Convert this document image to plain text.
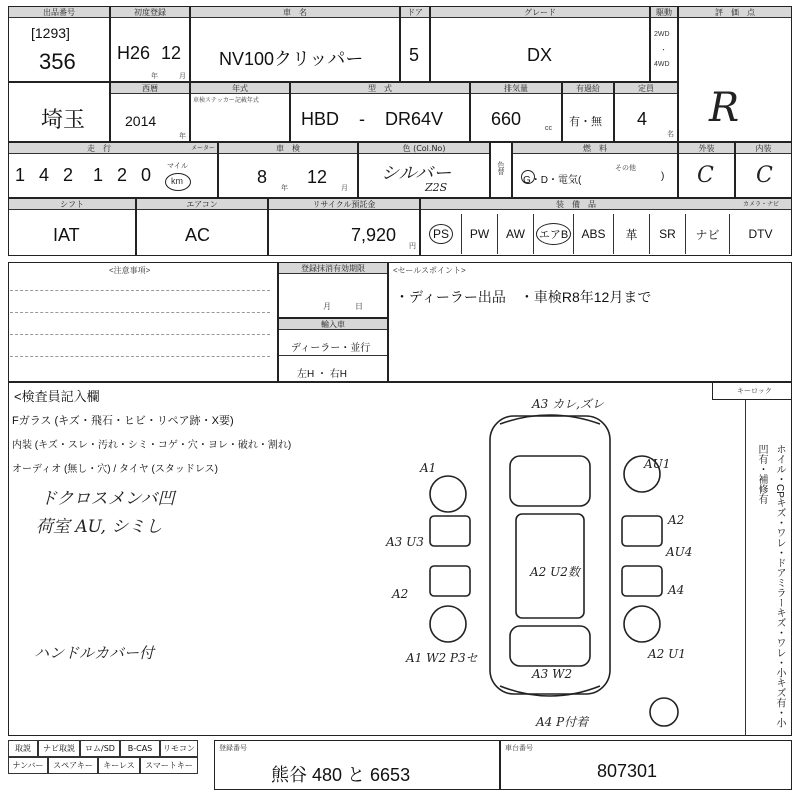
出品番号
[1293]
356
初度登録
H26 12
年	月
車　名
NV100クリッパー
ドア
5
グレード
DX
駆動
2WD
・
4WD
評　価　点
R
埼玉
西暦
2014
年
年式
車検ステッカー記載年式
型　式
HBD - DR64V
排気量
660	cc
有過給
有・無
定員
4
名
走　行	メーター
1 4 2 1 2 0 マイル
km
車　検
8
年
12
月
色 (Col.No)
シルバー
Z2S
色替
燃　料
G・D・電気(
その他
)
外装
C
内装
C
シフト
IAT
エアコン
AC
リサイクル預託金
7,920
円
装　備　品	カメラ・ナビ
PS	PW AW エアB ABS 革 SR ナビ DTV
<注意事項>	登録抹消有効期限
月　　　日
輸入車
ディーラー・並行
左H ・ 右H
<セールスポイント>
・ディーラー出品　・車検R8年12月まで
<検査員記入欄
Fガラス (キズ・飛石・ヒビ・リペア跡・X要)
内装 (キズ・スレ・汚れ・シミ・コゲ・穴・ヨレ・破れ・割れ)
オーディオ (無し・穴) / タイヤ (スタッドレス)
ドクロスメンバ凹
荷室 AU, シミし
ハンドルカバー付
キーロック
ホイル・CPキズ・ワレ・ドアミラーキズ・ワレ・小キズ有・小凹有・補修有
A3 カレ,ズレ
A1	AU1
A3 U3
A2
AU4
A2
A2 U2数
A4
A1 W2 P3セ
A3 W2
A2 U1
A4 P付着
取説 ナビ取説 ロム/SD B-CAS リモコン
ナンバー スペアキー キーレス スマートキー
登録番号
熊谷 480 と 6653
車台番号
807301
